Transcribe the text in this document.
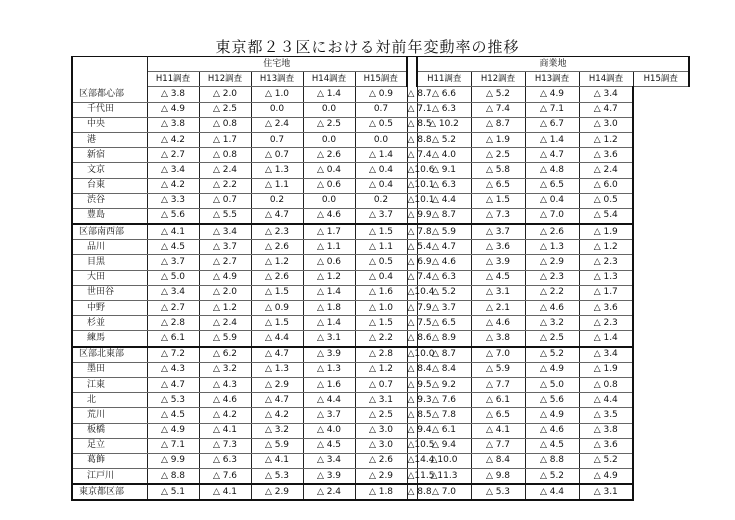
東京都２３区における対前年変動率の推移
	住宅地						商業地				
	H11調査	H12調査	H13調査	H14調査	H15調査		H11調査	H12調査	H13調査	H14調査	H15調査
区部都心部	△ 3.8	△ 2.0	△ 1.0	△ 1.4	△ 0.9	△ 8.7	△ 6.6	△ 5.2	△ 4.9	△ 3.4	
千代田	△ 4.9	△ 2.5	0.0	0.0	0.7	△ 7.1	△ 6.3	△ 7.4	△ 7.1	△ 4.7	
中央	△ 3.8	△ 0.8	△ 2.4	△ 2.5	△ 0.5	△ 8.5	△ 10.2	△ 8.7	△ 6.7	△ 3.0	
港	△ 4.2	△ 1.7	0.7	0.0	0.0	△ 8.8	△ 5.2	△ 1.9	△ 1.4	△ 1.2	
新宿	△ 2.7	△ 0.8	△ 0.7	△ 2.6	△ 1.4	△ 7.4	△ 4.0	△ 2.5	△ 4.7	△ 3.6	
文京	△ 3.4	△ 2.4	△ 1.3	△ 0.4	△ 0.4	△10.6	△ 9.1	△ 5.8	△ 4.8	△ 2.4	
台東	△ 4.2	△ 2.2	△ 1.1	△ 0.6	△ 0.4	△10.1	△ 6.3	△ 6.5	△ 6.5	△ 6.0	
渋谷	△ 3.3	△ 0.7	0.2	0.0	0.2	△10.1	△ 4.4	△ 1.5	△ 0.4	△ 0.5	
豊島	△ 5.6	△ 5.5	△ 4.7	△ 4.6	△ 3.7	△ 9.9	△ 8.7	△ 7.3	△ 7.0	△ 5.4	
区部南西部	△ 4.1	△ 3.4	△ 2.3	△ 1.7	△ 1.5	△ 7.8	△ 5.9	△ 3.7	△ 2.6	△ 1.9	
品川	△ 4.5	△ 3.7	△ 2.6	△ 1.1	△ 1.1	△ 5.4	△ 4.7	△ 3.6	△ 1.3	△ 1.2	
目黒	△ 3.7	△ 2.7	△ 1.2	△ 0.6	△ 0.5	△ 6.9	△ 4.6	△ 3.9	△ 2.9	△ 2.3	
大田	△ 5.0	△ 4.9	△ 2.6	△ 1.2	△ 0.4	△ 7.4	△ 6.3	△ 4.5	△ 2.3	△ 1.3	
世田谷	△ 3.4	△ 2.0	△ 1.5	△ 1.4	△ 1.6	△10.4	△ 5.2	△ 3.1	△ 2.2	△ 1.7	
中野	△ 2.7	△ 1.2	△ 0.9	△ 1.8	△ 1.0	△ 7.9	△ 3.7	△ 2.1	△ 4.6	△ 3.6	
杉並	△ 2.8	△ 2.4	△ 1.5	△ 1.4	△ 1.5	△ 7.5	△ 6.5	△ 4.6	△ 3.2	△ 2.3	
練馬	△ 6.1	△ 5.9	△ 4.4	△ 3.1	△ 2.2	△ 8.6	△ 8.9	△ 3.8	△ 2.5	△ 1.4	
区部北東部	△ 7.2	△ 6.2	△ 4.7	△ 3.9	△ 2.8	△10.0	△ 8.7	△ 7.0	△ 5.2	△ 3.4	
墨田	△ 4.3	△ 3.2	△ 1.3	△ 1.3	△ 1.2	△ 8.4	△ 8.4	△ 5.9	△ 4.9	△ 1.9	
江東	△ 4.7	△ 4.3	△ 2.9	△ 1.6	△ 0.7	△ 9.5	△ 9.2	△ 7.7	△ 5.0	△ 0.8	
北	△ 5.3	△ 4.6	△ 4.7	△ 4.4	△ 3.1	△ 9.3	△ 7.6	△ 6.1	△ 5.6	△ 4.4	
荒川	△ 4.5	△ 4.2	△ 4.2	△ 3.7	△ 2.5	△ 8.5	△ 7.8	△ 6.5	△ 4.9	△ 3.5	
板橋	△ 4.9	△ 4.1	△ 3.2	△ 4.0	△ 3.0	△ 9.4	△ 6.1	△ 4.1	△ 4.6	△ 3.8	
足立	△ 7.1	△ 7.3	△ 5.9	△ 4.5	△ 3.0	△10.5	△ 9.4	△ 7.7	△ 4.5	△ 3.6	
葛飾	△ 9.9	△ 6.3	△ 4.1	△ 3.4	△ 2.6	△14.4	△10.0	△ 8.4	△ 8.8	△ 5.2	
江戸川	△ 8.8	△ 7.6	△ 5.3	△ 3.9	△ 2.9	△11.5	△11.3	△ 9.8	△ 5.2	△ 4.9	
東京都区部	△ 5.1	△ 4.1	△ 2.9	△ 2.4	△ 1.8	△ 8.8	△ 7.0	△ 5.3	△ 4.4	△ 3.1	
